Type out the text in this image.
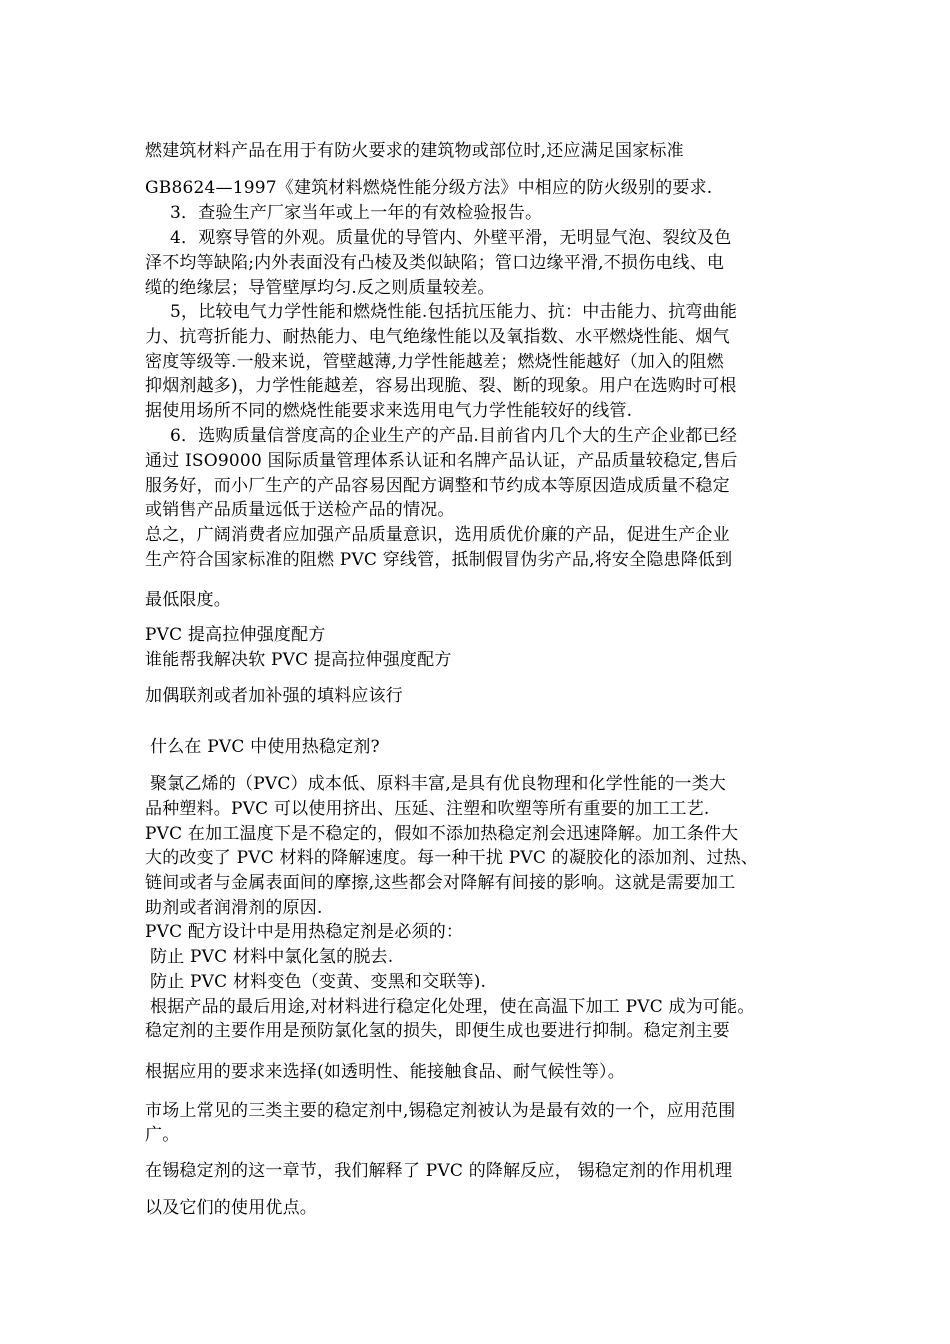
燃建筑材料产品在用于有防火要求的建筑物或部位时,还应满足国家标准

GB8624—1997《建筑材料燃烧性能分级方法》中相应的防火级别的要求.

3．查验生产厂家当年或上一年的有效检验报告。

4．观察导管的外观。质量优的导管内、外壁平滑，无明显气泡、裂纹及色

泽不均等缺陷;内外表面没有凸棱及类似缺陷；管口边缘平滑,不损伤电线、电

缆的绝缘层；导管壁厚均匀.反之则质量较差。

5，比较电气力学性能和燃烧性能.包括抗压能力、抗：中击能力、抗弯曲能

力、抗弯折能力、耐热能力、电气绝缘性能以及氧指数、水平燃烧性能、烟气

密度等级等.一般来说，管壁越薄,力学性能越差；燃烧性能越好（加入的阻燃

抑烟剂越多)，力学性能越差，容易出现脆、裂、断的现象。用户在选购时可根

据使用场所不同的燃烧性能要求来选用电气力学性能较好的线管.

6．选购质量信誉度高的企业生产的产品.目前省内几个大的生产企业都已经

通过 ISO9000 国际质量管理体系认证和名牌产品认证，产品质量较稳定,售后

服务好，而小厂生产的产品容易因配方调整和节约成本等原因造成质量不稳定

或销售产品质量远低于送检产品的情况。

总之，广阔消费者应加强产品质量意识，选用质优价廉的产品，促进生产企业

生产符合国家标准的阻燃 PVC 穿线管，抵制假冒伪劣产品,将安全隐患降低到

最低限度。

PVC 提高拉伸强度配方

谁能帮我解决软 PVC 提高拉伸强度配方

加偶联剂或者加补强的填料应该行

什么在 PVC 中使用热稳定剂?

聚氯乙烯的（PVC）成本低、原料丰富,是具有优良物理和化学性能的一类大

品种塑料。PVC 可以使用挤出、压延、注塑和吹塑等所有重要的加工工艺.

PVC 在加工温度下是不稳定的，假如不添加热稳定剂会迅速降解。加工条件大

大的改变了 PVC 材料的降解速度。每一种干扰 PVC 的凝胶化的添加剂、过热、

链间或者与金属表面间的摩擦,这些都会对降解有间接的影响。这就是需要加工

助剂或者润滑剂的原因.

PVC 配方设计中是用热稳定剂是必须的：

防止 PVC 材料中氯化氢的脱去.

防止 PVC 材料变色（变黄、变黑和交联等).

根据产品的最后用途,对材料进行稳定化处理，使在高温下加工 PVC 成为可能。

稳定剂的主要作用是预防氯化氢的损失，即便生成也要进行抑制。稳定剂主要

根据应用的要求来选择(如透明性、能接触食品、耐气候性等）。

市场上常见的三类主要的稳定剂中,锡稳定剂被认为是最有效的一个，应用范围

广。

在锡稳定剂的这一章节，我们解释了 PVC 的降解反应， 锡稳定剂的作用机理

以及它们的使用优点。
